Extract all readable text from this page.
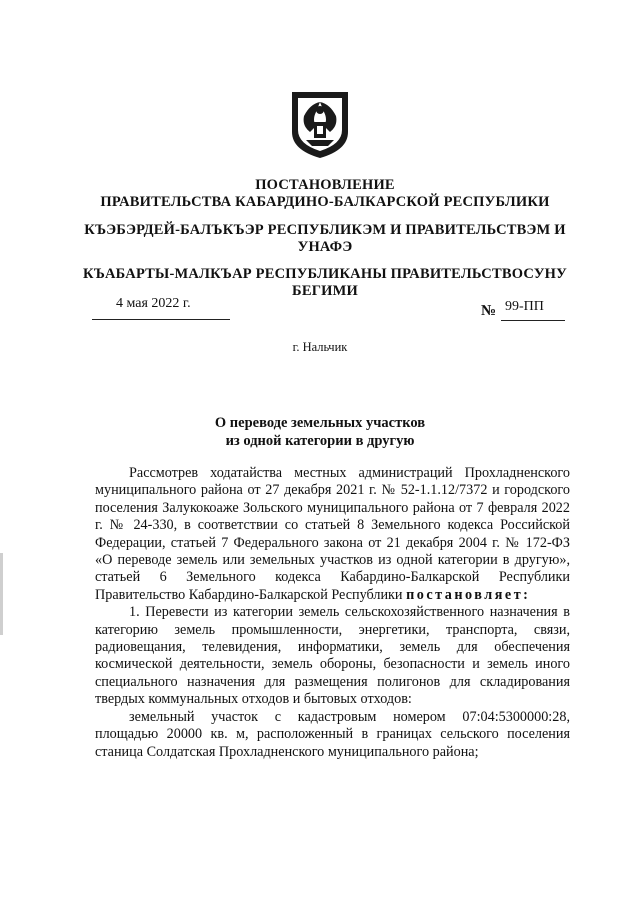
ПОСТАНОВЛЕНИЕ
ПРАВИТЕЛЬСТВА КАБАРДИНО-БАЛКАРСКОЙ РЕСПУБЛИКИ
КЪЭБЭРДЕЙ-БАЛЪКЪЭР РЕСПУБЛИКЭМ И ПРАВИТЕЛЬСТВЭМ И
УНАФЭ
КЪАБАРТЫ-МАЛКЪАР РЕСПУБЛИКАНЫ ПРАВИТЕЛЬСТВОСУНУ
БЕГИМИ
4 мая 2022 г.	№ 99-ПП
г. Нальчик
О переводе земельных участков
из одной категории в другую

Рассмотрев ходатайства местных администраций Прохладненского муниципального района от 27 декабря 2021 г. № 52-1.1.12/7372 и городского поселения Залукокоаже Зольского муниципального района от 7 февраля 2022 г. № 24-330, в соответствии со статьей 8 Земельного кодекса Российской Федерации, статьей 7 Федерального закона от 21 декабря 2004 г. № 172-ФЗ «О переводе земель или земельных участков из одной категории в другую», статьей 6 Земельного кодекса Кабардино-Балкарской Республики Правительство Кабардино-Балкарской Республики постановляет:

1. Перевести из категории земель сельскохозяйственного назначения в категорию земель промышленности, энергетики, транспорта, связи, радиовещания, телевидения, информатики, земель для обеспечения космической деятельности, земель обороны, безопасности и земель иного специального назначения для размещения полигонов для складирования твердых коммунальных отходов и бытовых отходов:

земельный участок с кадастровым номером 07:04:5300000:28, площадью 20000 кв. м, расположенный в границах сельского поселения станица Солдатская Прохладненского муниципального района;
